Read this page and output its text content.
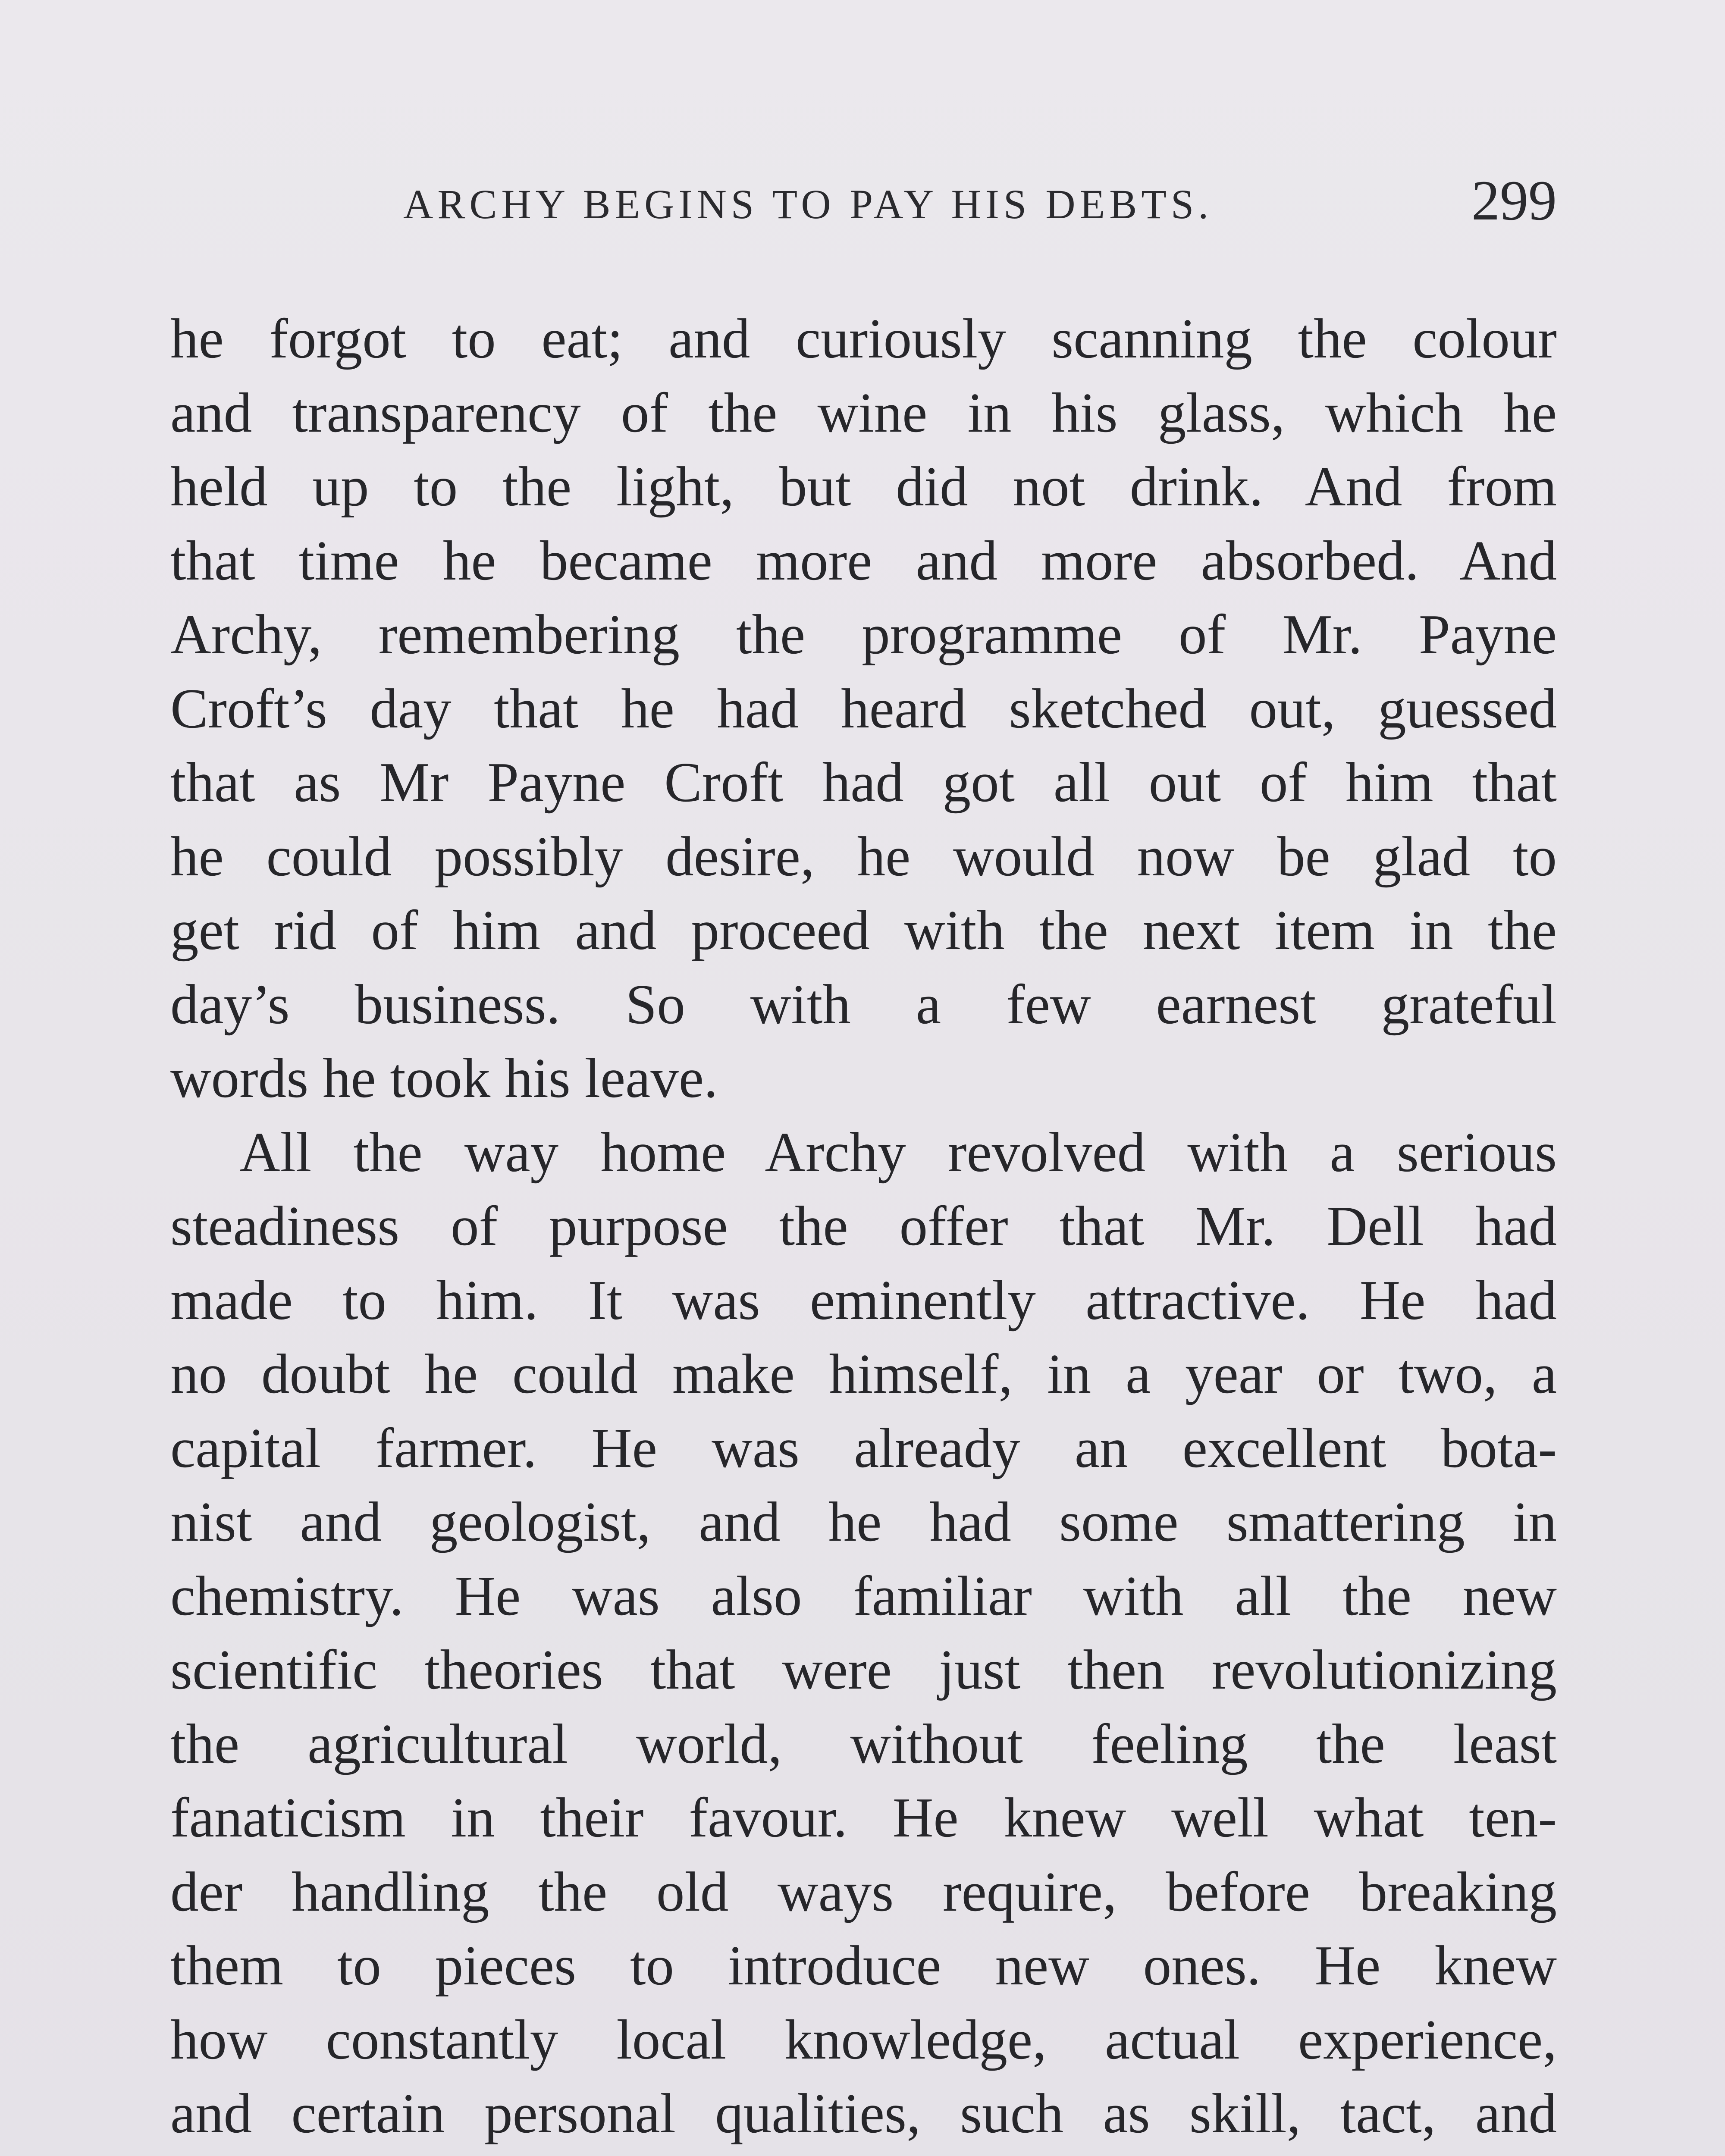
ARCHY BEGINS TO PAY HIS DEBTS.	299
he forgot to eat; and curiously scanning the colour
and transparency of the wine in his glass, which he
held up to the light, but did not drink. And from
that time he became more and more absorbed. And
Archy, remembering the programme of Mr. Payne
Croft’s day that he had heard sketched out, guessed
that as Mr Payne Croft had got all out of him that
he could possibly desire, he would now be glad to
get rid of him and proceed with the next item in the
day’s business. So with a few earnest grateful
words he took his leave.
All the way home Archy revolved with a serious
steadiness of purpose the offer that Mr. Dell had
made to him. It was eminently attractive. He had
no doubt he could make himself, in a year or two, a
capital farmer. He was already an excellent bota-
nist and geologist, and he had some smattering in
chemistry. He was also familiar with all the new
scientific theories that were just then revolutionizing
the agricultural world, without feeling the least
fanaticism in their favour. He knew well what ten-
der handling the old ways require, before breaking
them to pieces to introduce new ones. He knew
how constantly local knowledge, actual experience,
and certain personal qualities, such as skill, tact, and
